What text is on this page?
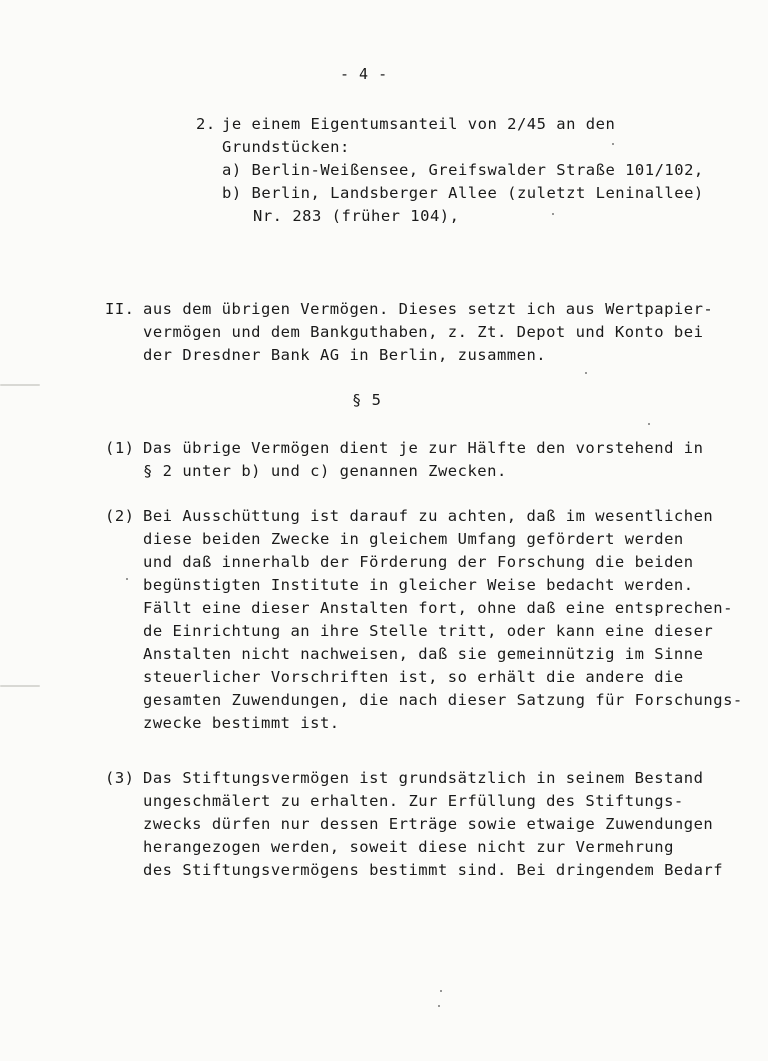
- 4 -
2. je einem Eigentumsanteil von 2/45 an den
Grundstücken:
a) Berlin-Weißensee, Greifswalder Straße 101/102,
b) Berlin, Landsberger Allee (zuletzt Leninallee)
Nr. 283 (früher 104),
II. aus dem übrigen Vermögen. Dieses setzt ich aus Wertpapier-
vermögen und dem Bankguthaben, z. Zt. Depot und Konto bei
der Dresdner Bank AG in Berlin, zusammen.
§ 5
(1) Das übrige Vermögen dient je zur Hälfte den vorstehend in
§ 2 unter b) und c) genannen Zwecken.
(2) Bei Ausschüttung ist darauf zu achten, daß im wesentlichen
diese beiden Zwecke in gleichem Umfang gefördert werden
und daß innerhalb der Förderung der Forschung die beiden
begünstigten Institute in gleicher Weise bedacht werden.
Fällt eine dieser Anstalten fort, ohne daß eine entsprechen-
de Einrichtung an ihre Stelle tritt, oder kann eine dieser
Anstalten nicht nachweisen, daß sie gemeinnützig im Sinne
steuerlicher Vorschriften ist, so erhält die andere die
gesamten Zuwendungen, die nach dieser Satzung für Forschungs-
zwecke bestimmt ist.
(3) Das Stiftungsvermögen ist grundsätzlich in seinem Bestand
ungeschmälert zu erhalten. Zur Erfüllung des Stiftungs-
zwecks dürfen nur dessen Erträge sowie etwaige Zuwendungen
herangezogen werden, soweit diese nicht zur Vermehrung
des Stiftungsvermögens bestimmt sind. Bei dringendem Bedarf
